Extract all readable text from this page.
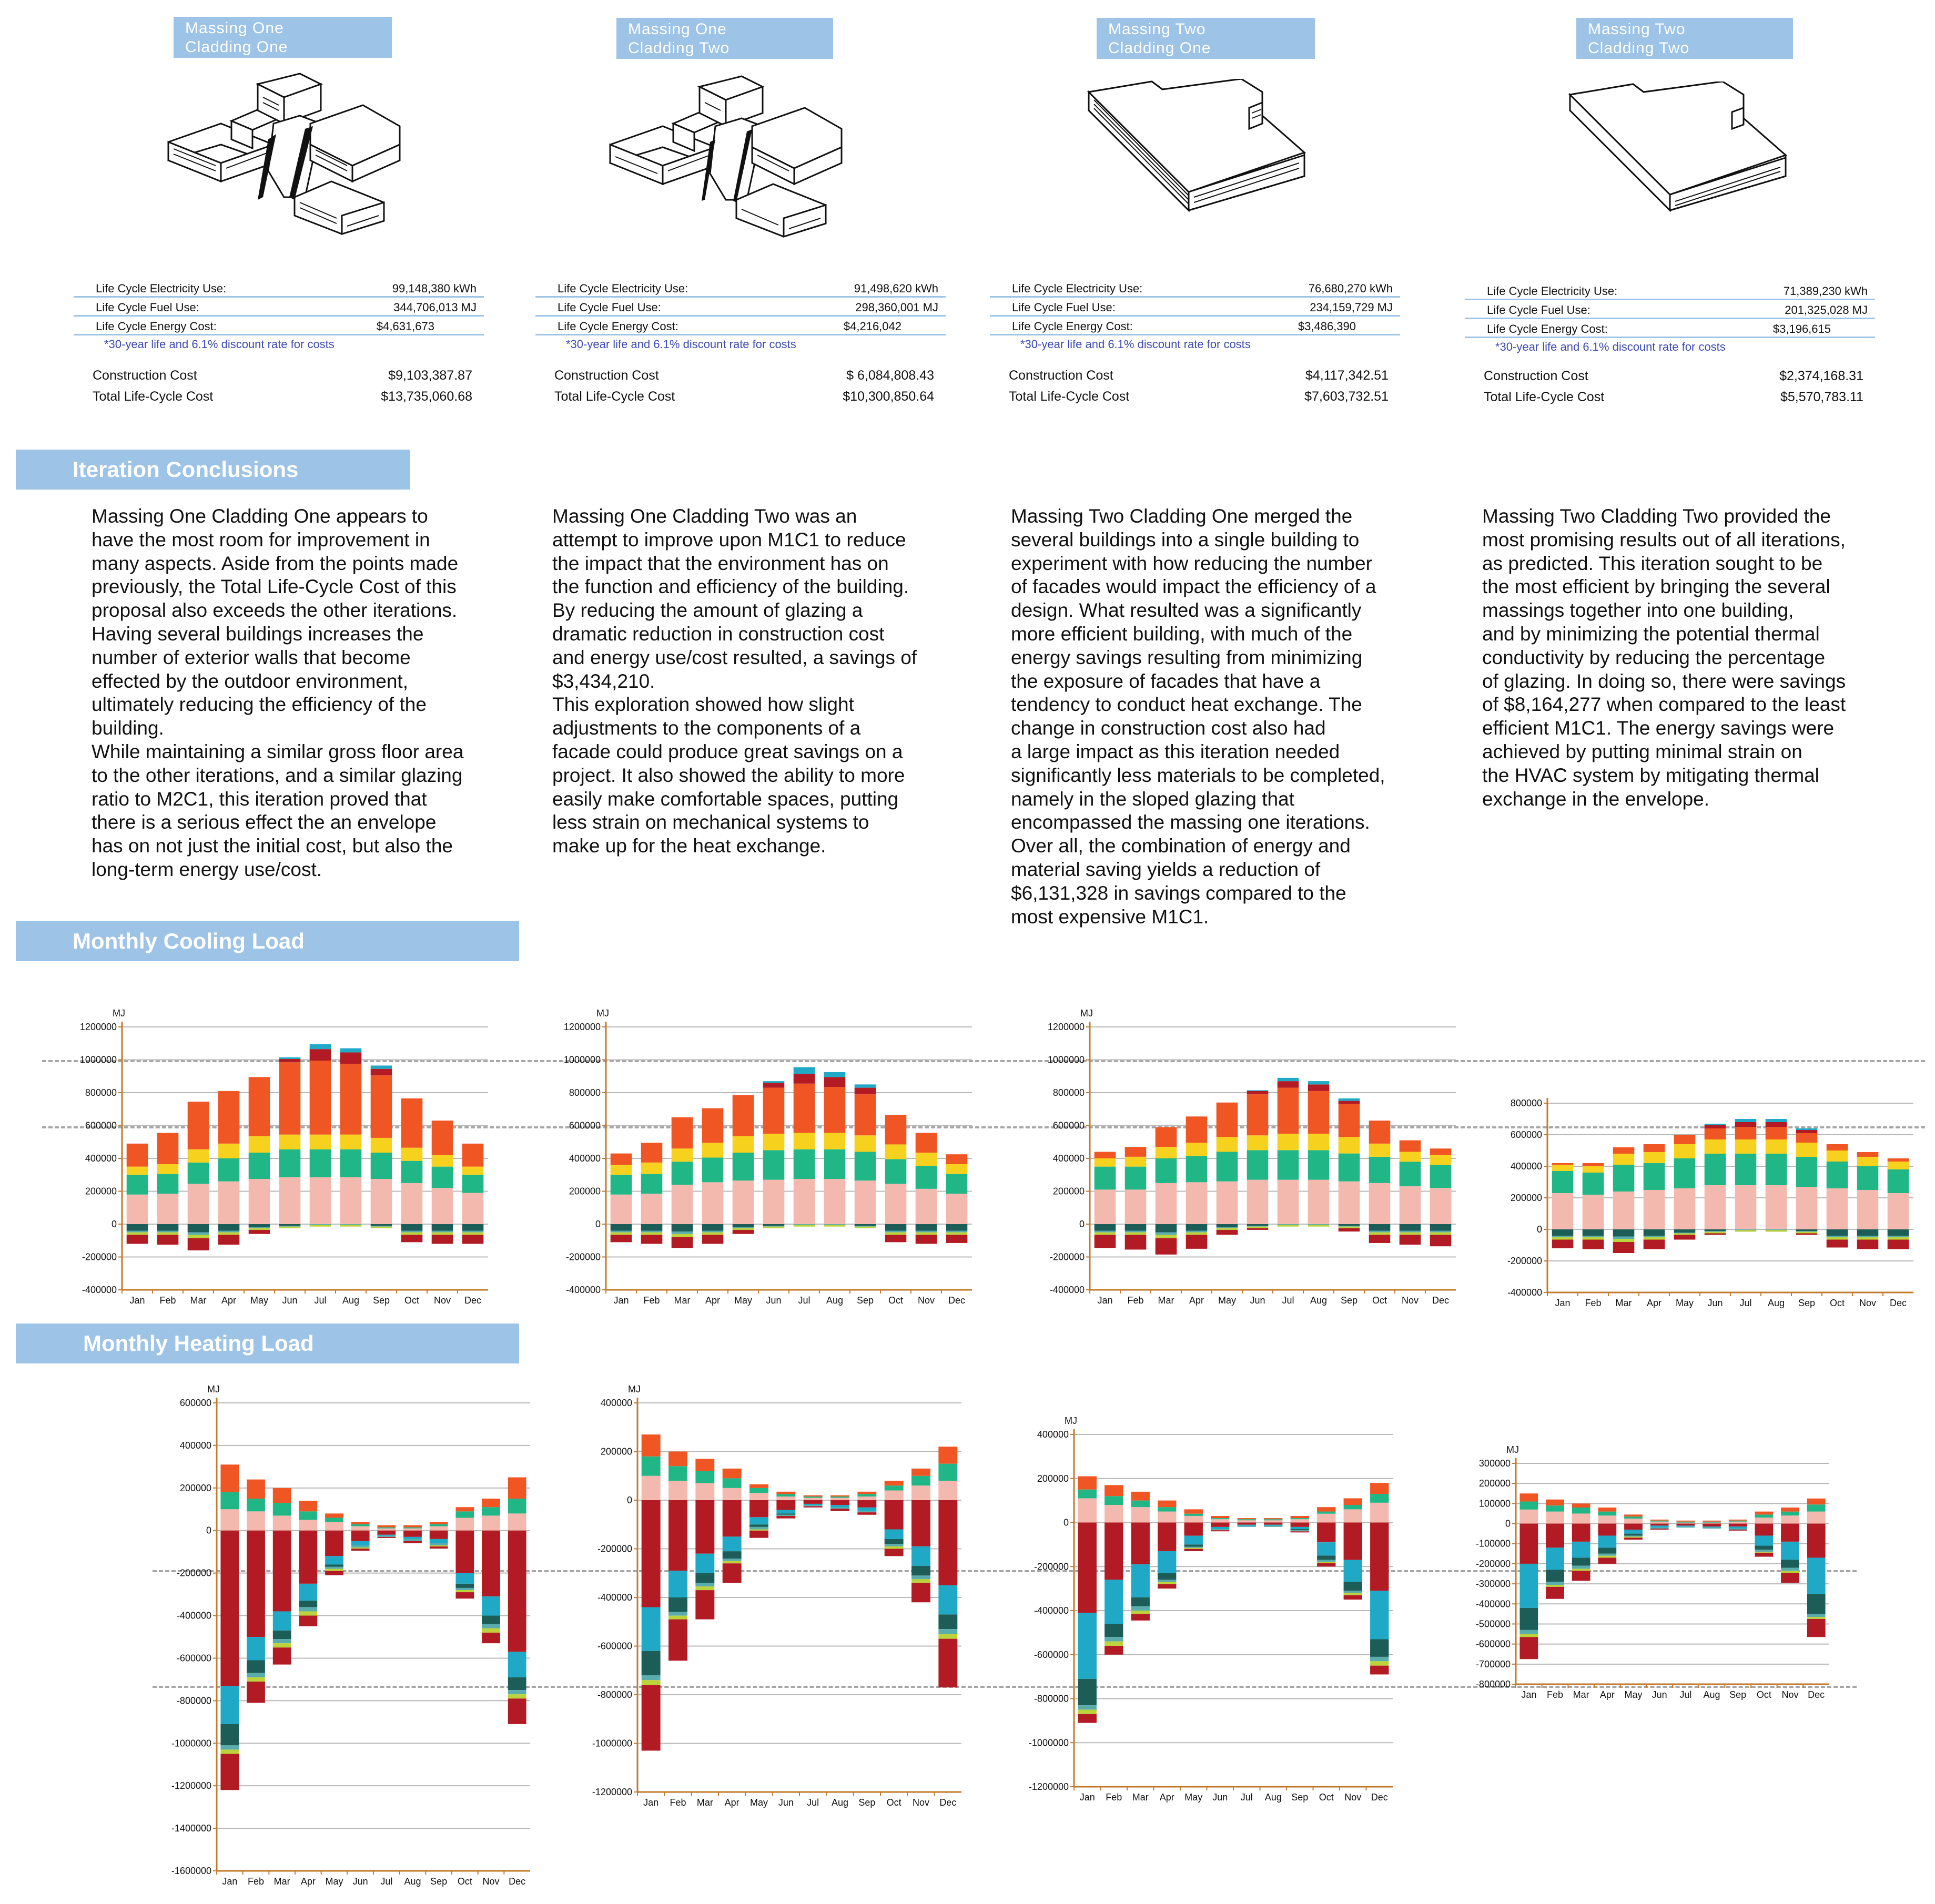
Massing One
Cladding One
Massing One
Cladding Two
Massing Two
Cladding One
Massing Two
Cladding Two
Life Cycle Electricity Use:	99,148,380 kWh
Life Cycle Fuel Use:	344,706,013 MJ
Life Cycle Energy Cost:	$4,631,673
*30-year life and 6.1% discount rate for costs
Construction Cost	$9,103,387.87
Total Life-Cycle Cost	$13,735,060.68
Life Cycle Electricity Use:	91,498,620 kWh
Life Cycle Fuel Use:	298,360,001 MJ
Life Cycle Energy Cost:	$4,216,042
*30-year life and 6.1% discount rate for costs
Construction Cost	$ 6,084,808.43
Total Life-Cycle Cost	$10,300,850.64
Life Cycle Electricity Use:	76,680,270 kWh
Life Cycle Fuel Use:	234,159,729 MJ
Life Cycle Energy Cost:	$3,486,390
*30-year life and 6.1% discount rate for costs
Construction Cost	$4,117,342.51
Total Life-Cycle Cost	$7,603,732.51
Life Cycle Electricity Use:	71,389,230 kWh
Life Cycle Fuel Use:	201,325,028 MJ
Life Cycle Energy Cost:	$3,196,615
*30-year life and 6.1% discount rate for costs
Construction Cost	$2,374,168.31
Total Life-Cycle Cost	$5,570,783.11
Iteration Conclusions
Monthly Cooling Load
Monthly Heating Load
Massing One Cladding One appears to
have the most room for improvement in
many aspects. Aside from the points made
previously, the Total Life-Cycle Cost of this
proposal also exceeds the other iterations.
Having several buildings increases the
number of exterior walls that become
effected by the outdoor environment,
ultimately reducing the efficiency of the
building.
While maintaining a similar gross floor area
to the other iterations, and a similar glazing
ratio to M2C1, this iteration proved that
there is a serious effect the an envelope
has on not just the initial cost, but also the
long-term energy use/cost.
Massing One Cladding Two was an
attempt to improve upon M1C1 to reduce
the impact that the environment has on
the function and efficiency of the building.
By reducing the amount of glazing a
dramatic reduction in construction cost
and energy use/cost resulted, a savings of
$3,434,210.
This exploration showed how slight
adjustments to the components of a
facade could produce great savings on a
project. It also showed the ability to more
easily make comfortable spaces, putting
less strain on mechanical systems to
make up for the heat exchange.
Massing Two Cladding One merged the
several buildings into a single building to
experiment with how reducing the number
of facades would impact the efficiency of a
design. What resulted was a significantly
more efficient building, with much of the
energy savings resulting from minimizing
the exposure of facades that have a
tendency to conduct heat exchange. The
change in construction cost also had
a large impact as this iteration needed
significantly less materials to be completed,
namely in the sloped glazing that
encompassed the massing one iterations.
Over all, the combination of energy and
material saving yields a reduction of
$6,131,328 in savings compared to the
most expensive M1C1.
Massing Two Cladding Two provided the
most promising results out of all iterations,
as predicted. This iteration sought to be
the most efficient by bringing the several
massings together into one building,
and by minimizing the potential thermal
conductivity by reducing the percentage
of glazing. In doing so, there were savings
of $8,164,277 when compared to the least
efficient M1C1. The energy savings were
achieved by putting minimal strain on
the HVAC system by mitigating thermal
exchange in the envelope.
MJ
-400000
-200000
0
200000
400000
600000
800000
1000000
1200000
Jan Feb Mar Apr May Jun Jul Aug Sep Oct Nov Dec
MJ
-400000
-200000
0
200000
400000
600000
800000
1000000
1200000
Jan Feb Mar Apr May Jun Jul Aug Sep Oct Nov Dec
MJ
-400000
-200000
0
200000
400000
600000
800000
1000000
1200000
Jan Feb Mar Apr May Jun Jul Aug Sep Oct Nov Dec
-400000
-200000
0
200000
400000
600000
800000
Jan Feb Mar Apr May Jun Jul Aug Sep Oct Nov Dec
MJ
-1600000
-1400000
-1200000
-1000000
-800000
-600000
-400000
-200000
0
200000
400000
600000
Jan Feb Mar Apr May Jun Jul Aug Sep Oct Nov Dec
MJ
-1200000
-1000000
-800000
-600000
-400000
-200000
0
200000
400000
Jan Feb Mar Apr May Jun Jul Aug Sep Oct Nov Dec
MJ
-1200000
-1000000
-800000
-600000
-400000
-200000
0
200000
400000
Jan Feb Mar Apr May Jun Jul Aug Sep Oct Nov Dec
MJ
-800000
-700000
-600000
-500000
-400000
-300000
-200000
-100000
0
100000
200000
300000
Jan Feb Mar Apr May Jun Jul Aug Sep Oct Nov Dec
